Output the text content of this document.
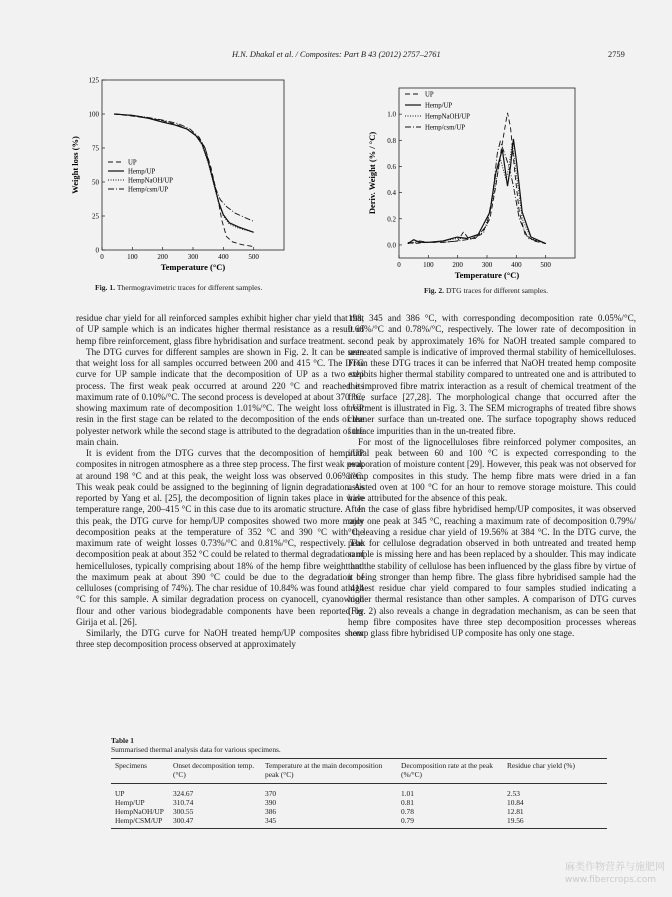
H.N. Dhakal et al. / Composites: Part B 43 (2012) 2757–2761	2759
0	100	200	300	400	500
0
25
50
75
100
125
Temperature (°C)
Weight loss (%)	UP
Hemp/UP
HempNaOH/UP
Hemp/csm/UP
Fig. 1. Thermogravimetric traces for different samples.
0	100	200	300	400	500
0.0
0.2
0.4
0.6
0.8
1.0
Temperature (°C)
Deriv. Weight (% / °C)
UP
Hemp/UP
HempNaOH/UP
Hemp/csm/UP
Fig. 2. DTG traces for different samples.

residue char yield for all reinforced samples exhibit higher char yield that that of UP sample which is an indicates higher thermal resistance as a result of hemp fibre reinforcement, glass fibre hybridisation and surface treatment.

The DTG curves for different samples are shown in Fig. 2. It can be seen that weight loss for all samples occurred between 200 and 415 °C. The DTG curve for UP sample indicate that the decomposition of UP as a two step process. The first weak peak occurred at around 220 °C and reached its maximum rate of 0.10%/°C. The second process is developed at about 370 °C, showing maximum rate of decomposition 1.01%/°C. The weight loss of UP resin in the first stage can be related to the decomposition of the ends of the polyester network while the second stage is attributed to the degradation of the main chain.

It is evident from the DTG curves that the decomposition of hemp/UP composites in nitrogen atmosphere as a three step process. The first weak peak at around 198 °C and at this peak, the weight loss was observed 0.06%/°C. This weak peak could be assigned to the beginning of lignin degradation. As reported by Yang et al. [25], the decomposition of lignin takes place in wide temperature range, 200–415 °C in this case due to its aromatic structure. After this peak, the DTG curve for hemp/UP composites showed two more major decomposition peaks at the temperature of 352 °C and 390 °C with the maximum rate of weight losses 0.73%/°C and 0.81%/°C, respectively. The decomposition peak at about 352 °C could be related to thermal degradation of hemicelluloses, typically comprising about 18% of the hemp fibre weight and the maximum peak at about 390 °C could be due to the degradation of celluloses (comprising of 74%). The char residue of 10.84% was found at 414 °C for this sample. A similar degradation process on cyanocell, cyanowood flour and other various biodegradable components have been reported by Girija et al. [26].

Similarly, the DTG curve for NaOH treated hemp/UP composites show three step decomposition process observed at approximately

198, 345 and 386 °C, with corresponding decomposition rate 0.05%/°C, 0.66%/°C and 0.78%/°C, respectively. The lower rate of decomposition in second peak by approximately 16% for NaOH treated sample compared to untreated sample is indicative of improved thermal stability of hemicelluloses. From these DTG traces it can be inferred that NaOH treated hemp composite exhibits higher thermal stability compared to untreated one and is attributed to the improved fibre matrix interaction as a result of chemical treatment of the fibre surface [27,28]. The morphological change that occurred after the treatment is illustrated in Fig. 3. The SEM micrographs of treated fibre shows cleaner surface than un-treated one. The surface topography shows reduced surface impurities than in the un-treated fibre.

For most of the lignocelluloses fibre reinforced polymer composites, an initial peak between 60 and 100 °C is expected corresponding to the evaporation of moisture content [29]. However, this peak was not observed for hemp composites in this study. The hemp fibre mats were dried in a fan assisted oven at 100 °C for an hour to remove storage moisture. This could have attributed for the absence of this peak.

In the case of glass fibre hybridised hemp/UP composites, it was observed only one peak at 345 °C, reaching a maximum rate of decomposition 0.79%/°C, leaving a residue char yield of 19.56% at 384 °C. In the DTG curve, the peak for cellulose degradation observed in both untreated and treated hemp sample is missing here and has been replaced by a shoulder. This may indicate that the stability of cellulose has been influenced by the glass fibre by virtue of it being stronger than hemp fibre. The glass fibre hybridised sample had the highest residue char yield compared to four samples studied indicating a higher thermal resistance than other samples. A comparison of DTG curves (Fig. 2) also reveals a change in degradation mechanism, as can be seen that hemp fibre composites have three step decomposition processes whereas hemp glass fibre hybridised UP composite has only one stage.

Table 1
Summarised thermal analysis data for various specimens.
Specimens	Onset decomposition temp. (°C)	Temperature at the main decomposition peak (°C)	Decomposition rate at the peak (%/°C)	Residue char yield (%)
UP	324.67	370	1.01	2.53
Hemp/UP	310.74	390	0.81	10.84
HempNaOH/UP	300.55	386	0.78	12.81
Hemp/CSM/UP	300.47	345	0.79	19.56
麻类作物营养与施肥网
www.fibercrops.com
